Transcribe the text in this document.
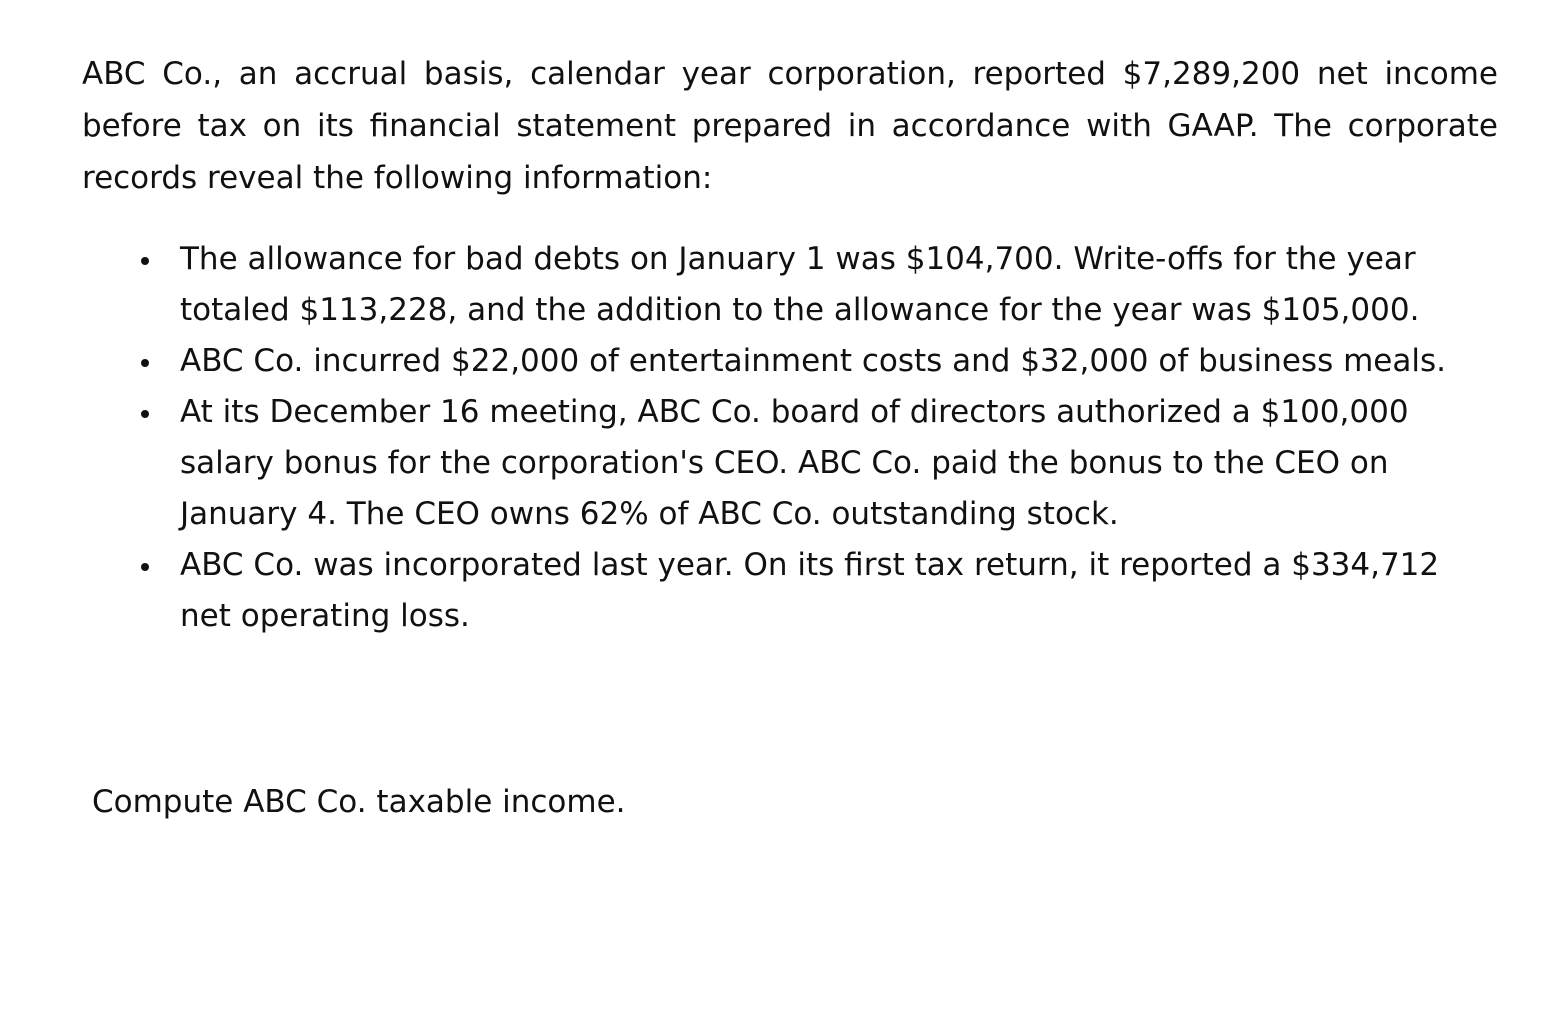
ABC Co., an accrual basis, calendar year corporation, reported $7,289,200 net income before tax on its financial statement prepared in accordance with GAAP. The corporate records reveal the following information:

The allowance for bad debts on January 1 was $104,700. Write-offs for the year totaled $113,228, and the addition to the allowance for the year was $105,000.
ABC Co. incurred $22,000 of entertainment costs and $32,000 of business meals.
At its December 16 meeting, ABC Co. board of directors authorized a $100,000 salary bonus for the corporation's CEO. ABC Co. paid the bonus to the CEO on January 4. The CEO owns 62% of ABC Co. outstanding stock.
ABC Co. was incorporated last year. On its first tax return, it reported a $334,712 net operating loss.

Compute ABC Co. taxable income.
